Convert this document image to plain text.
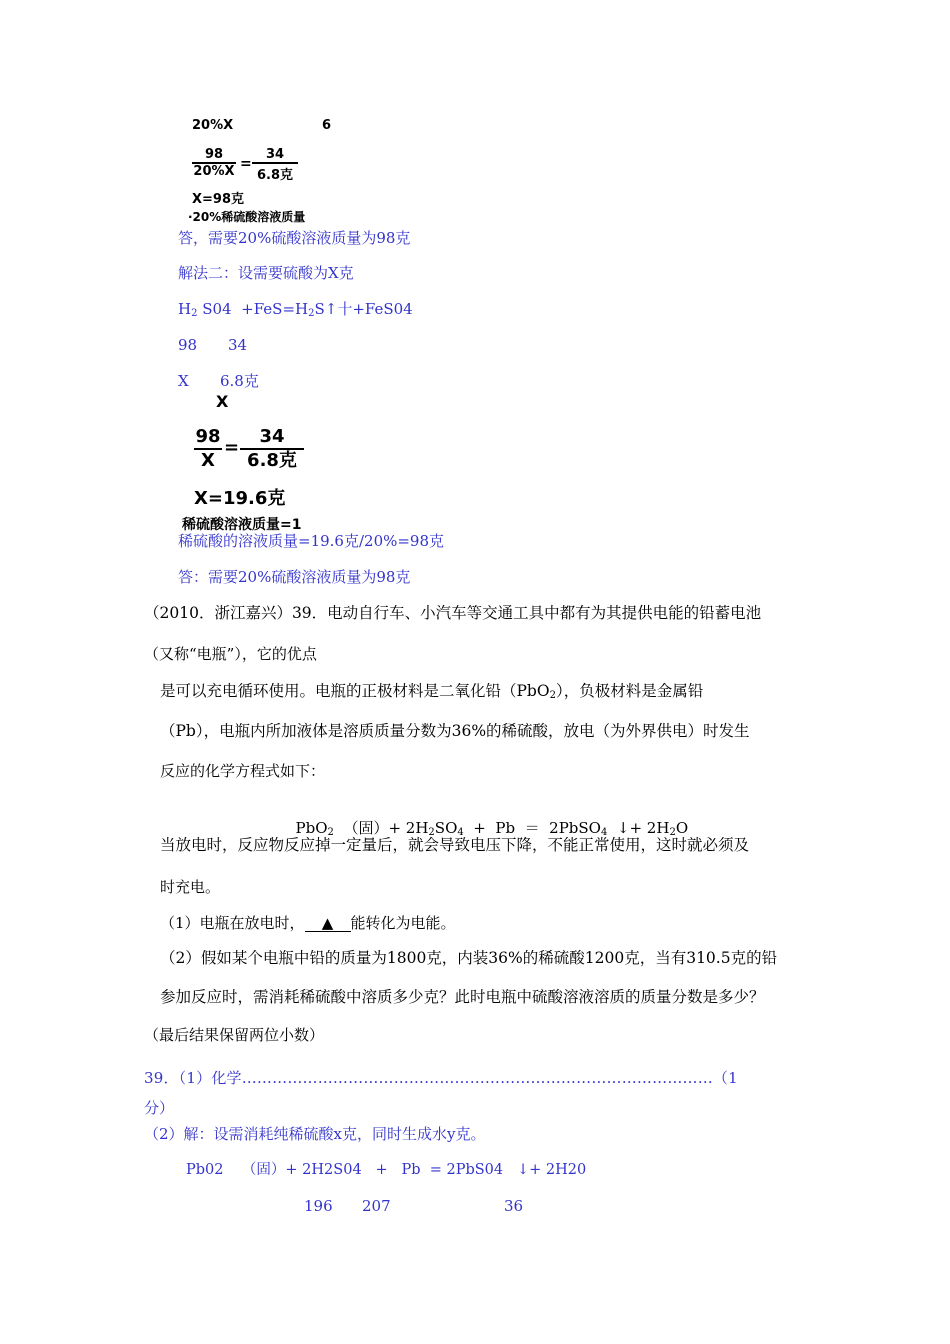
20%X	6
98
20%X =
34
6.8克
X=98克
·20%稀硫酸溶液质量
答，需要20%硫酸溶液质量为98克
解法二：设需要硫酸为X克
$H_2$ $S04 +FeS=H_2S↑$十+FeS04
98 34
X 6.8克
X
98
X
=
34
6.8克
X=19.6克
稀硫酸溶液质量=1
稀硫酸的溶液质量=19.6克/20%=98克
答：需要20%硫酸溶液质量为98克
（2010．浙江嘉兴）39．电动自行车、小汽车等交通工具中都有为其提供电能的铅蓄电池
（又称“电瓶”），它的优点
是可以充电循环使用。电瓶的正极材料是二氧化铅（PbO$_2$），负极材料是金属铅
（Pb），电瓶内所加液体是溶质质量分数为36%的稀硫酸，放电（为外界供电）时发生
反应的化学方程式如下：

PbO$_2$  （固）+ $2H_2SO_4 + Pb$  ＝  2PbSO$_4$  ↓+ $2H_2O$

当放电时，反应物反应掉一定量后，就会导致电压下降，不能正常使用，这时就必须及
时充电。
（1）电瓶在放电时， ▲ 能转化为电能。
（2）假如某个电瓶中铅的质量为1800克，内装36%的稀硫酸1200克，当有310.5克的铅
参加反应时，需消耗稀硫酸中溶质多少克？此时电瓶中硫酸溶液溶质的质量分数是多少？
（最后结果保留两位小数）
39．（1）化学…………………………………………………………………………………（1
分）
（2）解：设需消耗纯稀硫酸x克，同时生成水y克。
Pb02    （固）+ 2H2S04   +   Pb  = 2PbS04   ↓+ 2H20
196 207	36
